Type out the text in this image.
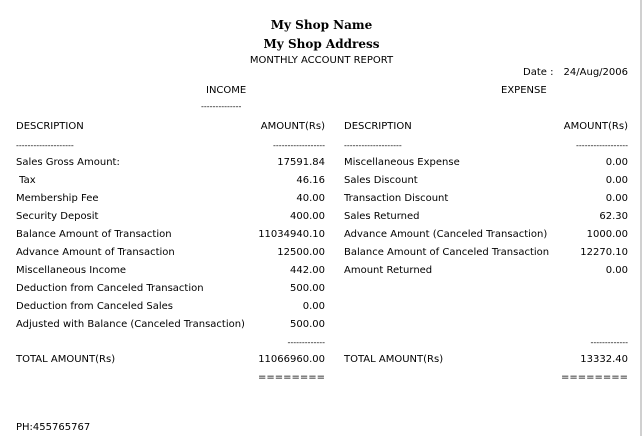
My Shop Name
My Shop Address
MONTHLY ACCOUNT REPORT
Date :	24/Aug/2006
INCOME
--------------
EXPENSE
DESCRIPTION	AMOUNT(Rs) DESCRIPTION	AMOUNT(Rs)
--------------------	------------------ --------------------	------------------
Sales Gross Amount:	17591.84 Miscellaneous Expense	0.00
Tax	46.16 Sales Discount	0.00
Membership Fee	40.00 Transaction Discount	0.00
Security Deposit	400.00 Sales Returned	62.30
Balance Amount of Transaction	11034940.10 Advance Amount (Canceled Transaction)	1000.00
Advance Amount of Transaction	12500.00 Balance Amount of Canceled Transaction	12270.10
Miscellaneous Income	442.00 Amount Returned	0.00
Deduction from Canceled Transaction	500.00
Deduction from Canceled Sales	0.00
Adjusted with Balance (Canceled Transaction)	500.00
-------------	-------------
TOTAL AMOUNT(Rs)	11066960.00 TOTAL AMOUNT(Rs)	13332.40
========	========
PH:455765767
